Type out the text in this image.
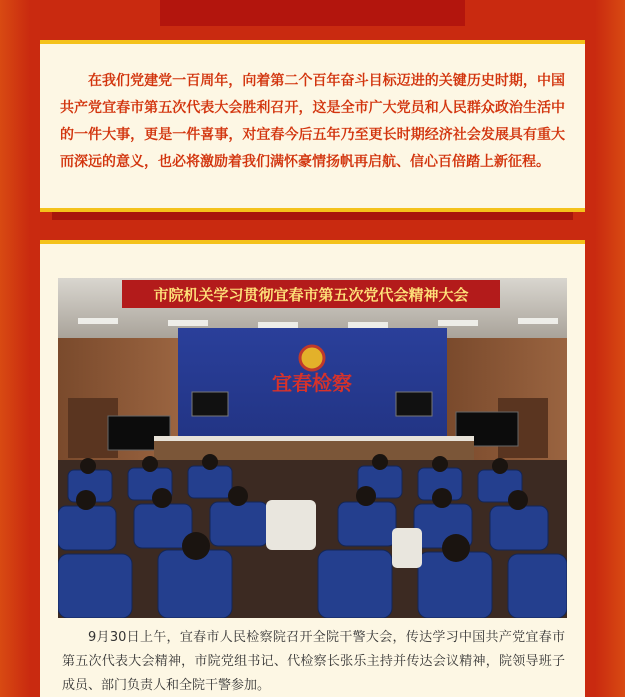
在我们党建党一百周年，向着第二个百年奋斗目标迈进的关键历史时期，中国共产党宜春市第五次代表大会胜利召开，这是全市广大党员和人民群众政治生活中的一件大事，更是一件喜事，对宜春今后五年乃至更长时期经济社会发展具有重大而深远的意义，也必将激励着我们满怀豪情扬帆再启航、信心百倍踏上新征程。

市院机关学习贯彻宜春市第五次党代会精神大会
宜春检察

9月30日上午，宜春市人民检察院召开全院干警大会，传达学习中国共产党宜春市第五次代表大会精神，市院党组书记、代检察长张乐主持并传达会议精神，院领导班子成员、部门负责人和全院干警参加。
